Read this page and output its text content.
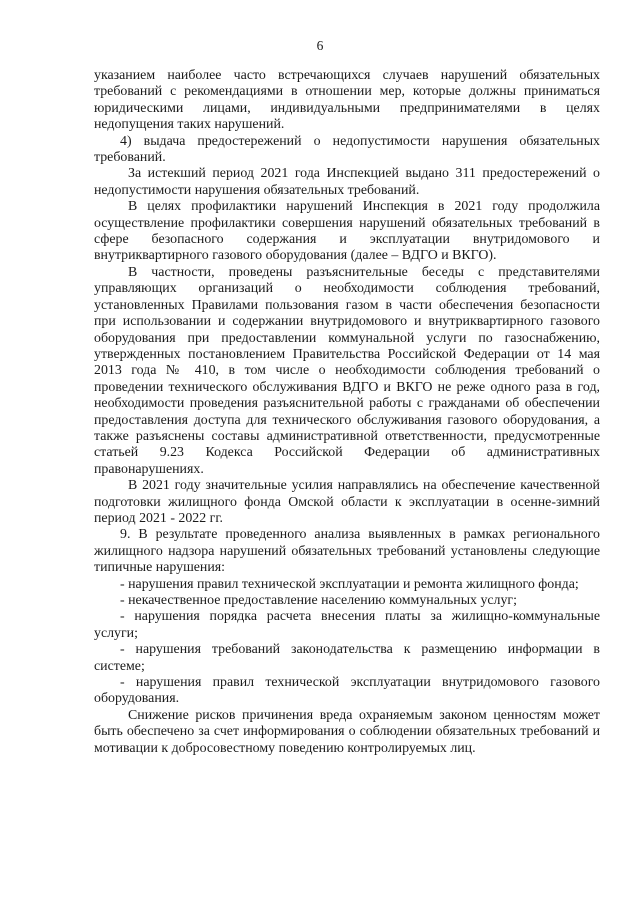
6

указанием наиболее часто встречающихся случаев нарушений обязательных требований с рекомендациями в отношении мер, которые должны приниматься юридическими лицами, индивидуальными предпринимателями в целях недопущения таких нарушений.

4) выдача предостережений о недопустимости нарушения обязательных требований.

За истекший период 2021 года Инспекцией выдано 311 предостережений о недопустимости нарушения обязательных требований.

В целях профилактики нарушений Инспекция в 2021 году продолжила осуществление профилактики совершения нарушений обязательных требований в сфере безопасного содержания и эксплуатации внутридомового и внутриквартирного газового оборудования (далее – ВДГО и ВКГО).

В частности, проведены разъяснительные беседы с представителями управляющих организаций о необходимости соблюдения требований, установленных Правилами пользования газом в части обеспечения безопасности при использовании и содержании внутридомового и внутриквартирного газового оборудования при предоставлении коммунальной услуги по газоснабжению, утвержденных постановлением Правительства Российской Федерации от 14 мая 2013 года № 410, в том числе о необходимости соблюдения требований о проведении технического обслуживания ВДГО и ВКГО не реже одного раза в год, необходимости проведения разъяснительной работы с гражданами об обеспечении предоставления доступа для технического обслуживания газового оборудования, а также разъяснены составы административной ответственности, предусмотренные статьей 9.23 Кодекса Российской Федерации об административных правонарушениях.

В 2021 году значительные усилия направлялись на обеспечение качественной подготовки жилищного фонда Омской области к эксплуатации в осенне-зимний период 2021 - 2022 гг.

9. В результате проведенного анализа выявленных в рамках регионального жилищного надзора нарушений обязательных требований установлены следующие типичные нарушения:

- нарушения правил технической эксплуатации и ремонта жилищного фонда;

- некачественное предоставление населению коммунальных услуг;

- нарушения порядка расчета внесения платы за жилищно-коммунальные услуги;

- нарушения требований законодательства к размещению информации в системе;

- нарушения правил технической эксплуатации внутридомового газового оборудования.

Снижение рисков причинения вреда охраняемым законом ценностям может быть обеспечено за счет информирования о соблюдении обязательных требований и мотивации к добросовестному поведению контролируемых лиц.
